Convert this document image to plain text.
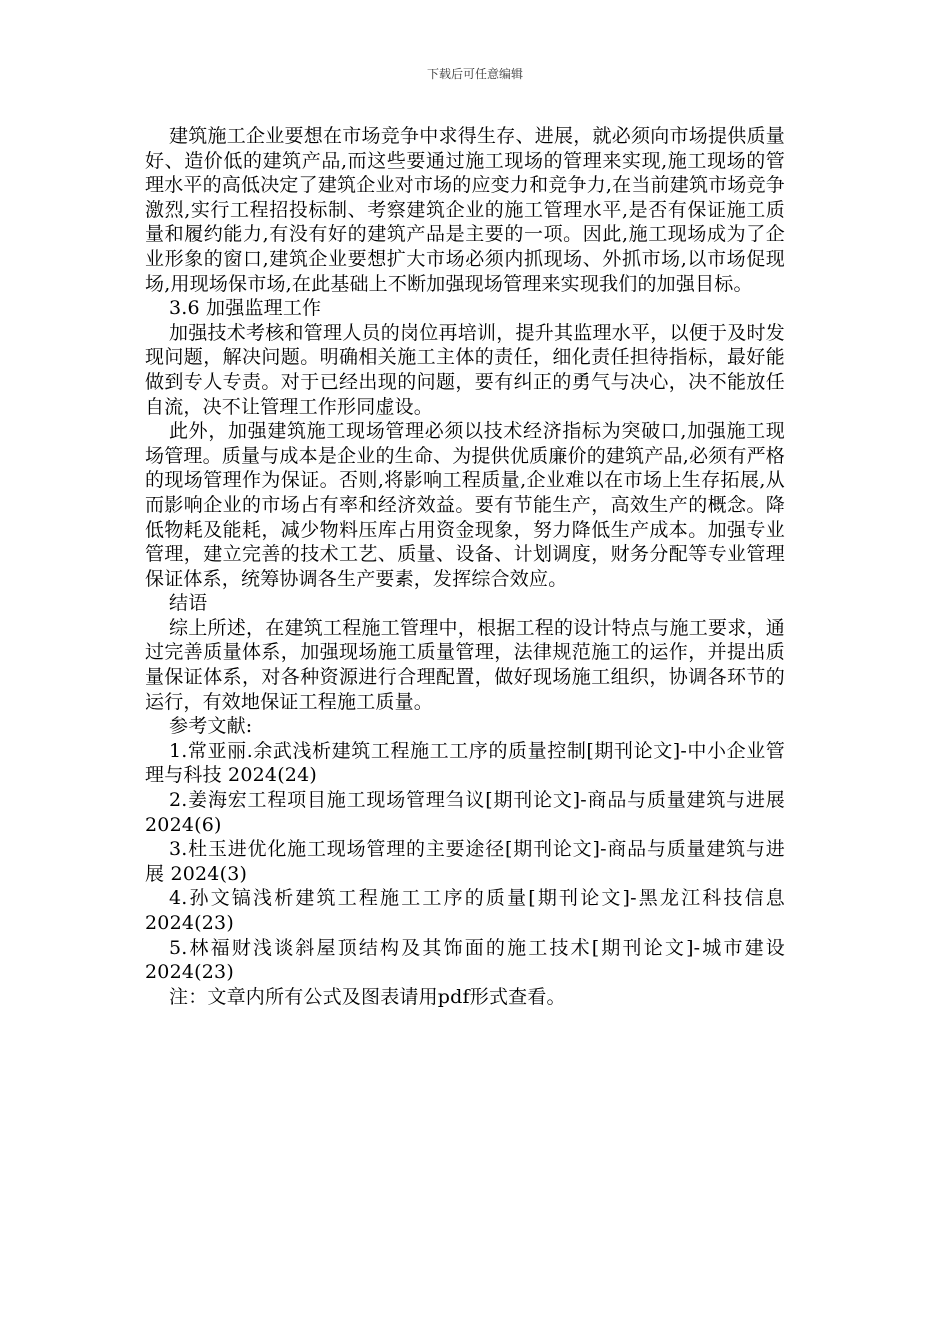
下载后可任意编辑

建筑施工企业要想在市场竞争中求得生存、进展，就必须向市场提供质量好、造价低的建筑产品,而这些要通过施工现场的管理来实现,施工现场的管理水平的高低决定了建筑企业对市场的应变力和竞争力,在当前建筑市场竞争激烈,实行工程招投标制、考察建筑企业的施工管理水平,是否有保证施工质量和履约能力,有没有好的建筑产品是主要的一项。因此,施工现场成为了企业形象的窗口,建筑企业要想扩大市场必须内抓现场、外抓市场,以市场促现场,用现场保市场,在此基础上不断加强现场管理来实现我们的加强目标。

3.6 加强监理工作

加强技术考核和管理人员的岗位再培训，提升其监理水平，以便于及时发现问题，解决问题。明确相关施工主体的责任，细化责任担待指标，最好能做到专人专责。对于已经出现的问题，要有纠正的勇气与决心，决不能放任自流，决不让管理工作形同虚设。

此外，加强建筑施工现场管理必须以技术经济指标为突破口,加强施工现场管理。质量与成本是企业的生命、为提供优质廉价的建筑产品,必须有严格的现场管理作为保证。否则,将影响工程质量,企业难以在市场上生存拓展,从而影响企业的市场占有率和经济效益。要有节能生产，高效生产的概念。降低物耗及能耗，减少物料压库占用资金现象，努力降低生产成本。加强专业管理，建立完善的技术工艺、质量、设备、计划调度，财务分配等专业管理保证体系，统筹协调各生产要素，发挥综合效应。

结语

综上所述，在建筑工程施工管理中，根据工程的设计特点与施工要求，通过完善质量体系，加强现场施工质量管理，法律规范施工的运作，并提出质量保证体系，对各种资源进行合理配置，做好现场施工组织，协调各环节的运行，有效地保证工程施工质量。

参考文献:

1.常亚丽.余武浅析建筑工程施工工序的质量控制[期刊论文]-中小企业管理与科技 2024(24)

2.姜海宏工程项目施工现场管理刍议[期刊论文]-商品与质量建筑与进展 2024(6)

3.杜玉进优化施工现场管理的主要途径[期刊论文]-商品与质量建筑与进展 2024(3)

4.孙文镐浅析建筑工程施工工序的质量[期刊论文]-黑龙江科技信息 2024(23)

5.林福财浅谈斜屋顶结构及其饰面的施工技术[期刊论文]-城市建设 2024(23)

注：文章内所有公式及图表请用pdf形式查看。
